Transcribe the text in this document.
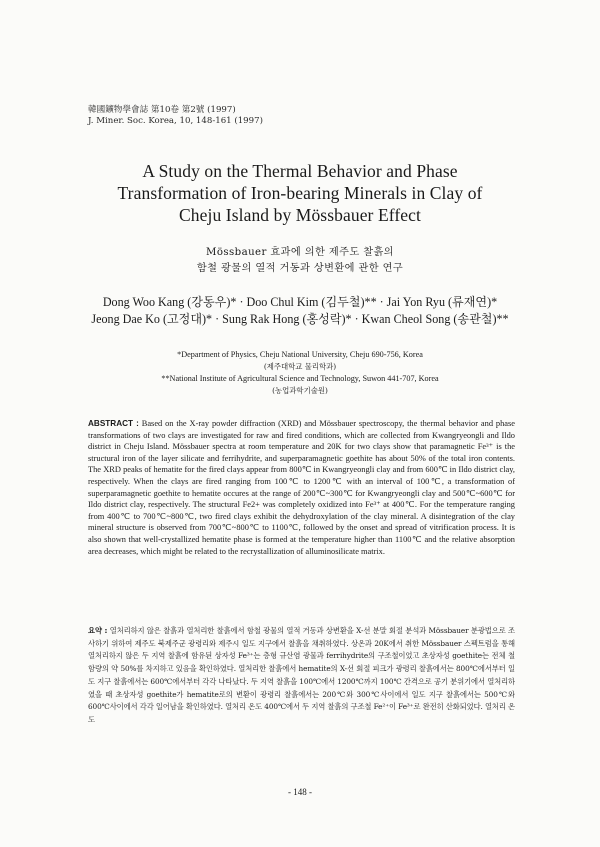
韓國鑛物學會誌 第10卷 第2號 (1997)
J. Miner. Soc. Korea, 10, 148-161 (1997)
A Study on the Thermal Behavior and Phase
Transformation of Iron-bearing Minerals in Clay of
Cheju Island by Mössbauer Effect
Mössbauer 효과에 의한 제주도 찰흙의
함철 광물의 열적 거동과 상변환에 관한 연구
Dong Woo Kang (강동우)* · Doo Chul Kim (김두철)** · Jai Yon Ryu (류재연)*
Jeong Dae Ko (고정대)* · Sung Rak Hong (홍성락)* · Kwan Cheol Song (송관철)**
*Department of Physics, Cheju National University, Cheju 690-756, Korea
(제주대학교 물리학과)
**National Institute of Agricultural Science and Technology, Suwon 441-707, Korea
(농업과학기술원)
ABSTRACT : Based on the X-ray powder diffraction (XRD) and Mössbauer spectroscopy, the thermal behavior and phase transformations of two clays are investigated for raw and fired conditions, which are collected from Kwangryeongli and Ildo district in Cheju Island. Mössbauer spectra at room temperature and 20K for two clays show that paramagnetic Fe³⁺ is the structural iron of the layer silicate and ferrihydrite, and superparamagnetic goethite has about 50% of the total iron contents. The XRD peaks of hematite for the fired clays appear from 800℃ in Kwangryeongli clay and from 600℃ in Ildo district clay, respectively. When the clays are fired ranging from 100℃ to 1200℃ with an interval of 100℃, a transformation of superparamagnetic goethite to hematite occures at the range of 200℃~300℃ for Kwangryeongli clay and 500℃~600℃ for Ildo district clay, respectively. The structural Fe2+ was completely oxidized into Fe³⁺ at 400℃. For the temperature ranging from 400℃ to 700℃~800℃, two fired clays exhibit the dehydroxylation of the clay mineral. A disintegration of the clay mineral structure is observed from 700℃~800℃ to 1100℃, followed by the onset and spread of vitrification process. It is also shown that well-crystallized hematite phase is formed at the temperature higher than 1100℃ and the relative absorption area decreases, which might be related to the recrystallization of alluminosilicate matrix.
요약 : 열처리하지 않은 찰흙과 열처리한 찰흙에서 함철 광물의 열적 거동과 상변환을 X-선 분말 회절 분석과 Mössbauer 분광법으로 조사하기 위하여 제주도 북제주군 광령리와 제주시 일도 지구에서 찰흙을 채취하였다. 상온과 20K에서 취한 Mössbauer 스펙트럼을 통해 열처리하지 않은 두 지역 찰흙에 함유된 상자성 Fe³⁺는 층형 규산염 광물과 ferrihydrite의 구조철이었고 초상자성 goethite는 전체 철 함량의 약 50%를 차지하고 있음을 확인하였다. 열처리한 찰흙에서 hematite의 X-선 회절 피크가 광령리 찰흙에서는 800℃에서부터 일도 지구 찰흙에서는 600℃에서부터 각각 나타났다. 두 지역 찰흙을 100℃에서 1200℃까지 100℃ 간격으로 공기 분위기에서 열처리하였을 때 초상자성 goethite가 hematite로의 변환이 광령리 찰흙에서는 200℃와 300℃사이에서 일도 지구 찰흙에서는 500℃와 600℃사이에서 각각 일어남을 확인하였다. 열처리 온도 400℃에서 두 지역 찰흙의 구조철 Fe²⁺이 Fe³⁺로 완전히 산화되었다. 열처리 온도
- 148 -
